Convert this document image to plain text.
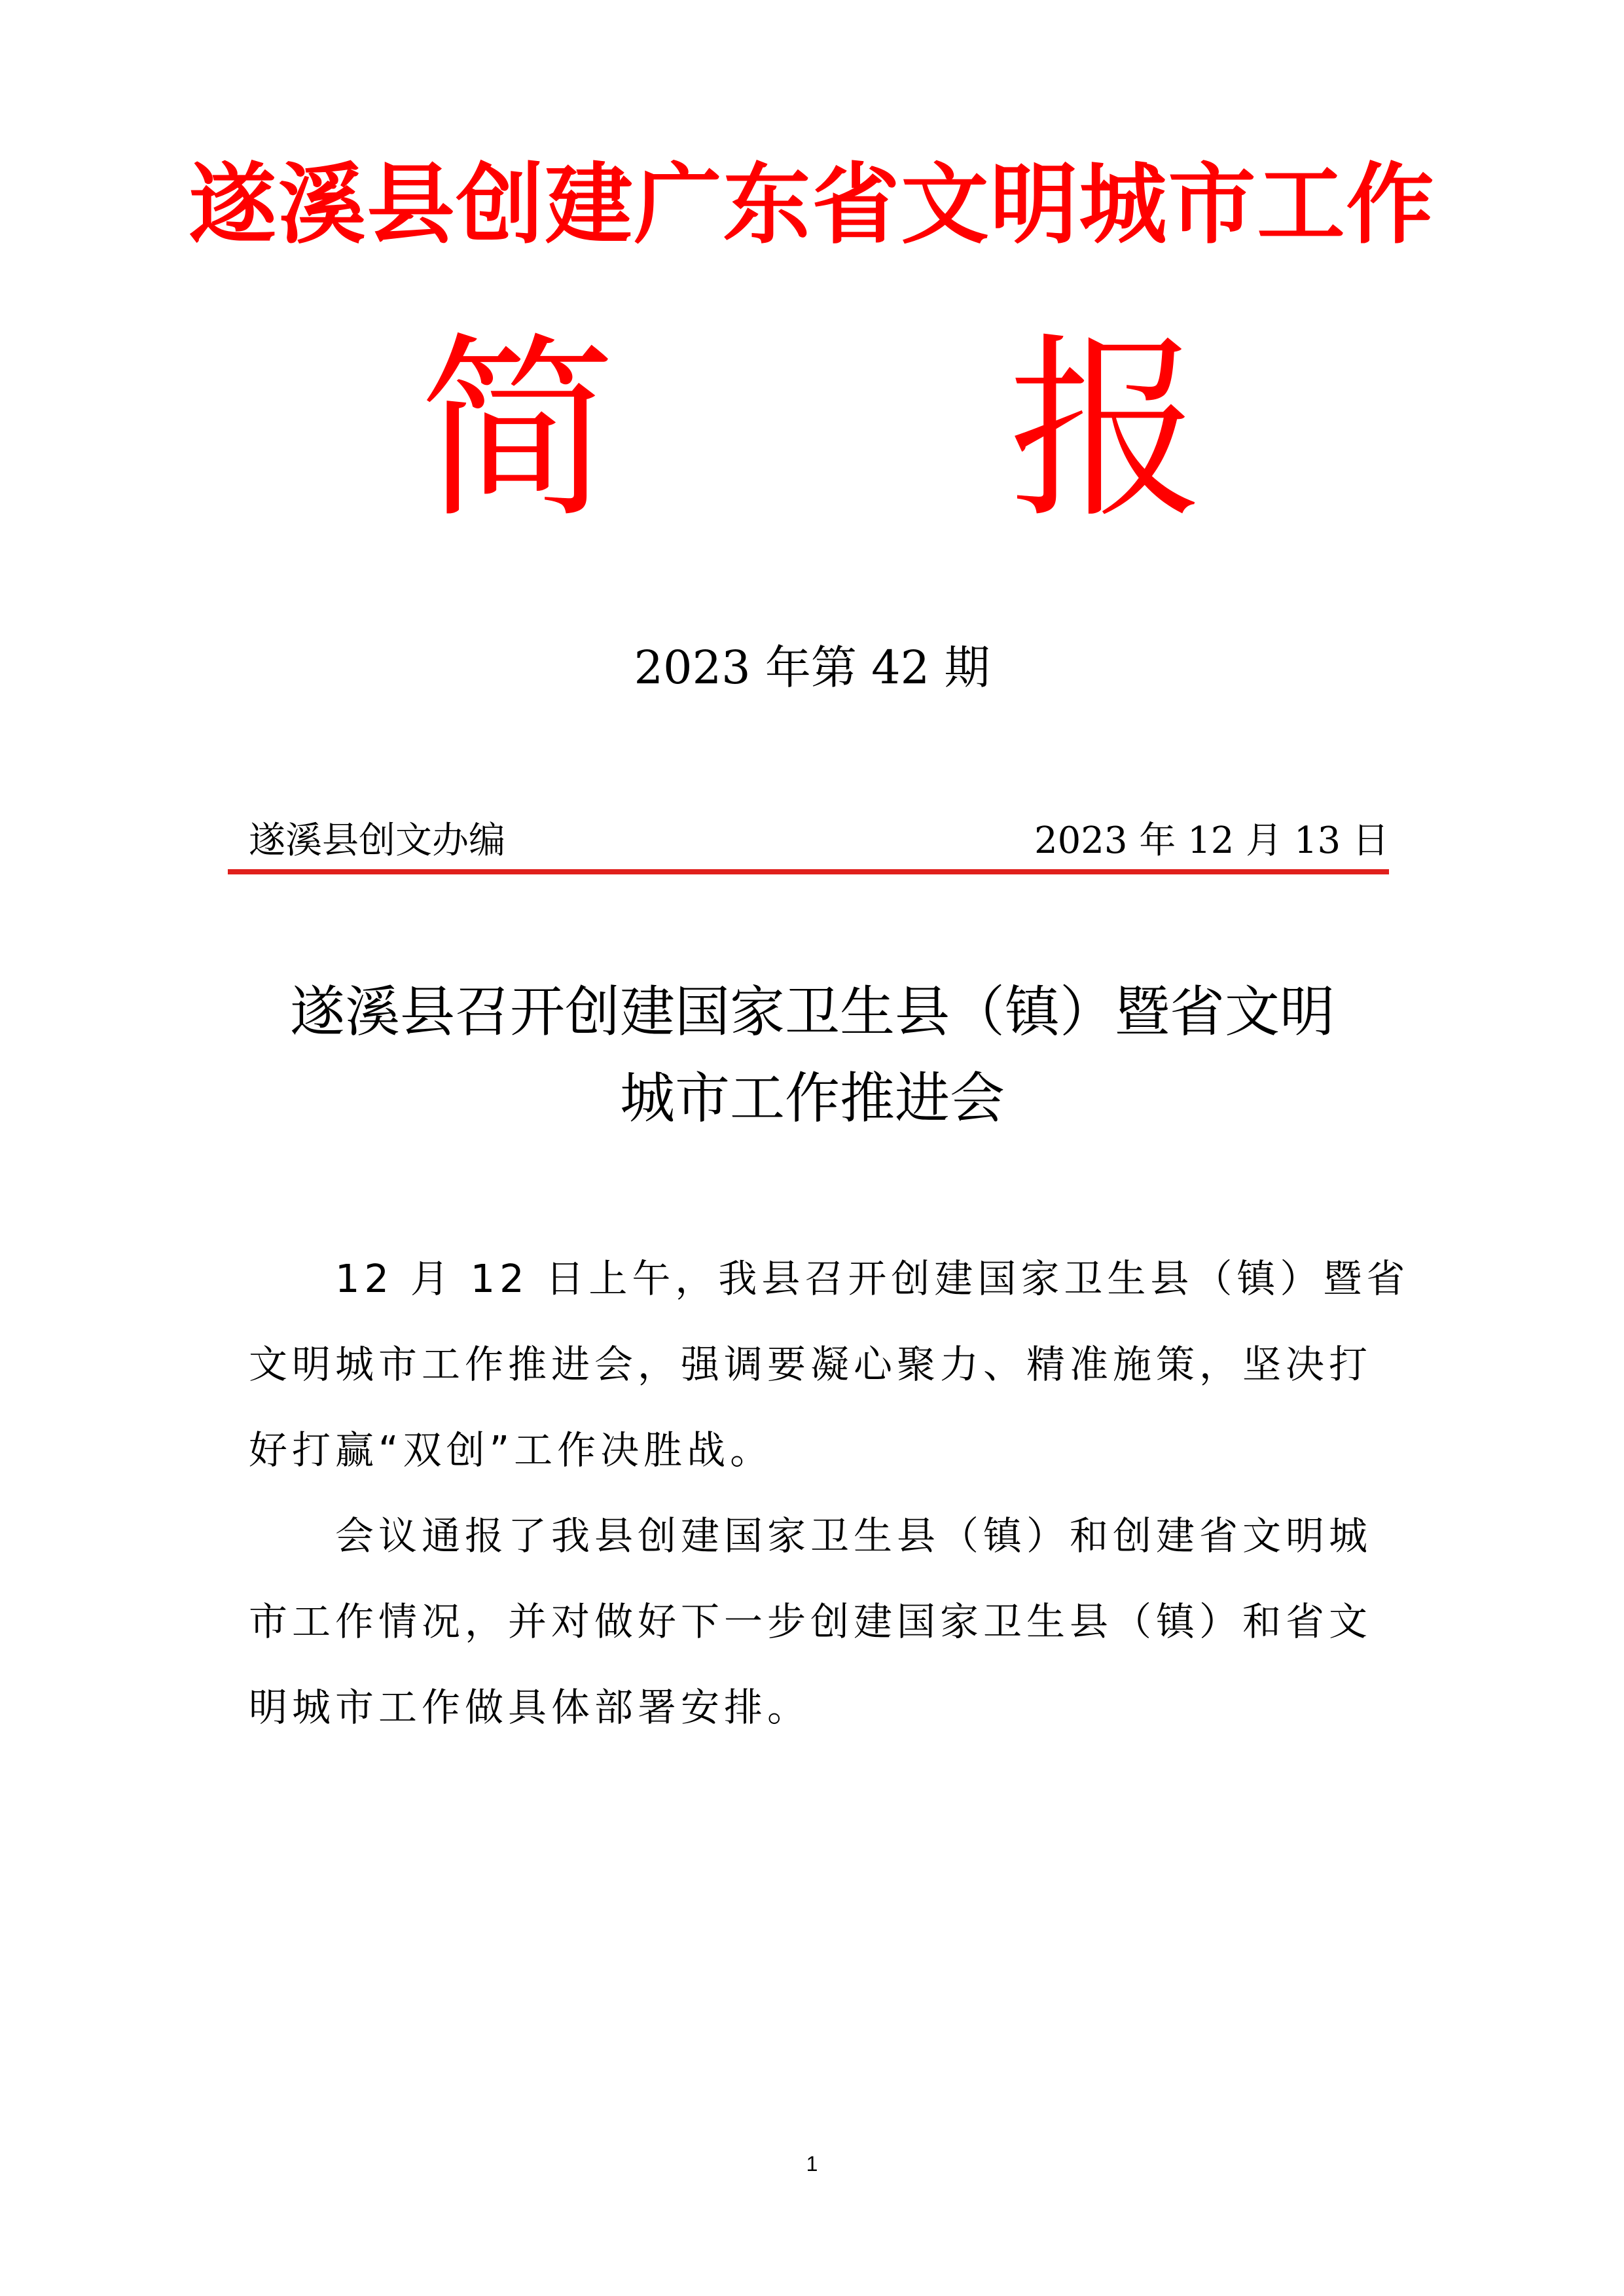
遂溪县创建广东省文明城市工作
简　　报
2023 年第 42 期
遂溪县创文办编	2023 年 12 月 13 日
遂溪县召开创建国家卫生县（镇）暨省文明
城市工作推进会
　　12 月 12 日上午，我县召开创建国家卫生县（镇）暨省
文明城市工作推进会，强调要凝心聚力、精准施策，坚决打
好打赢“双创”工作决胜战。
　　会议通报了我县创建国家卫生县（镇）和创建省文明城
市工作情况，并对做好下一步创建国家卫生县（镇）和省文
明城市工作做具体部署安排。
1
